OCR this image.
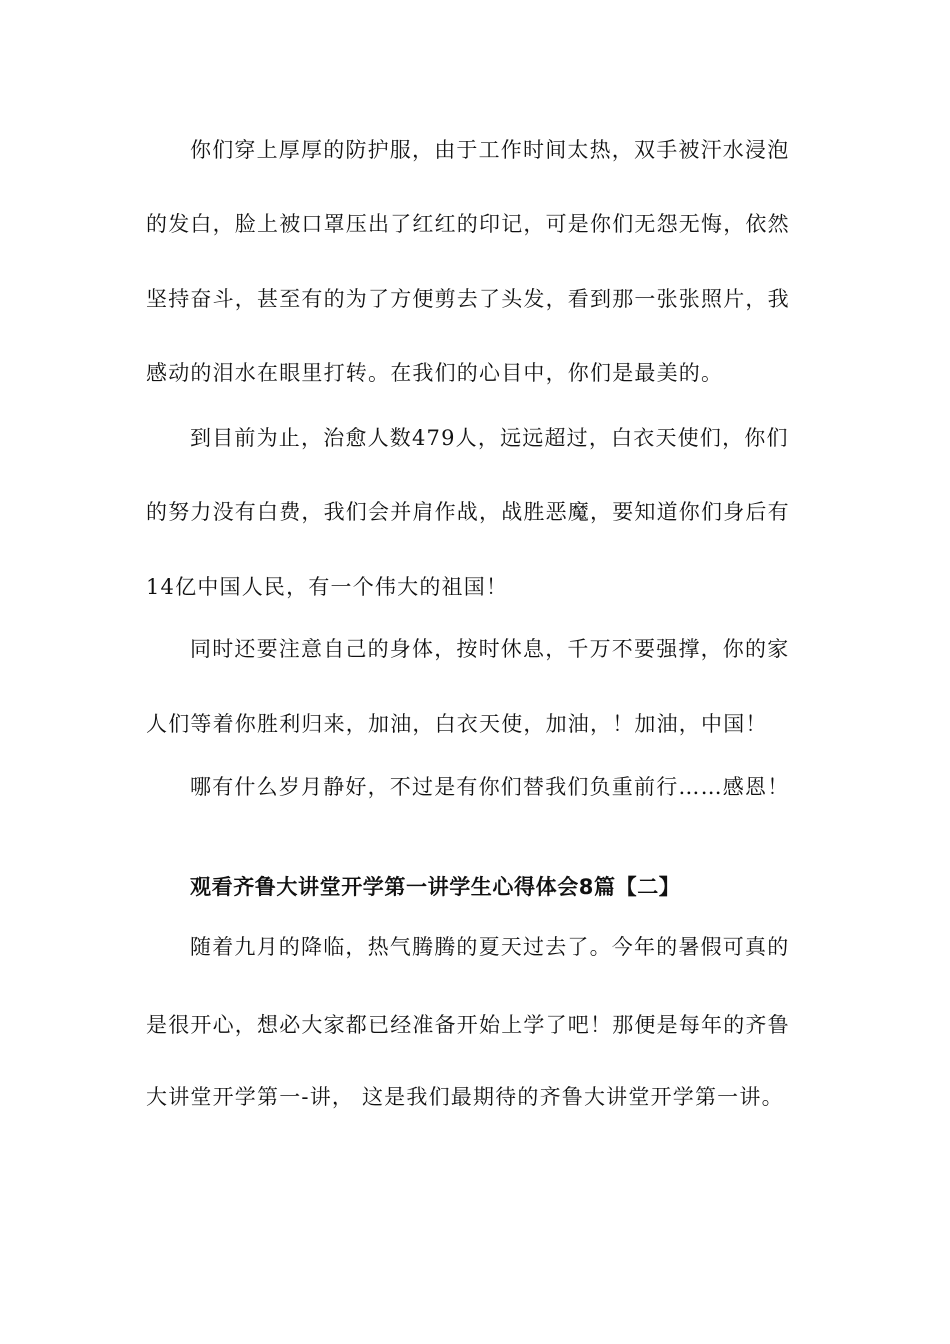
你们穿上厚厚的防护服，由于工作时间太热，双手被汗水浸泡
的发白，脸上被口罩压出了红红的印记，可是你们无怨无悔，依然
坚持奋斗，甚至有的为了方便剪去了头发，看到那一张张照片，我
感动的泪水在眼里打转。在我们的心目中，你们是最美的。
到目前为止，治愈人数479人，远远超过，白衣天使们，你们
的努力没有白费，我们会并肩作战，战胜恶魔，要知道你们身后有
14亿中国人民，有一个伟大的祖国！
同时还要注意自己的身体，按时休息，千万不要强撑，你的家
人们等着你胜利归来，加油，白衣天使，加油，！加油，中国！
哪有什么岁月静好，不过是有你们替我们负重前行……感恩！
观看齐鲁大讲堂开学第一讲学生心得体会8篇【二】
随着九月的降临，热气腾腾的夏天过去了。今年的暑假可真的
是很开心，想必大家都已经准备开始上学了吧！那便是每年的齐鲁
大讲堂开学第一-讲， 这是我们最期待的齐鲁大讲堂开学第一讲。
